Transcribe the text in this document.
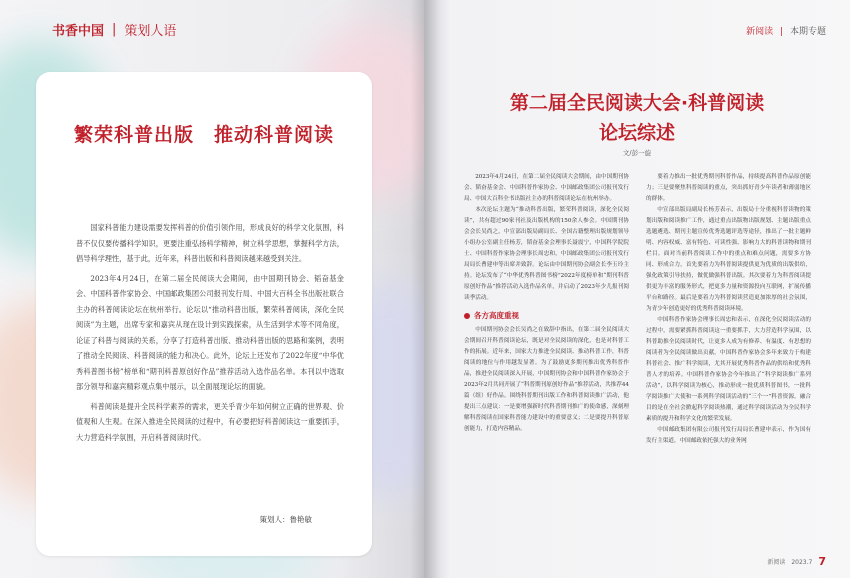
书香中国 | 策划人语
繁荣科普出版　推动科普阅读

国家科普能力建设需要发挥科普的价值引领作用，形成良好的科学文化氛围，科普不仅仅要传播科学知识，更要注重弘扬科学精神，树立科学思想，掌握科学方法，倡导科学理性，基于此，近年来，科普出版和科普阅读越来越受到关注。

2023年4月24日，在第二届全民阅读大会期间，由中国期刊协会、韬奋基金会、中国科普作家协会、中国邮政集团公司报刊发行局、中国大百科全书出版社联合主办的科普阅读论坛在杭州举行。论坛以“推动科普出版，繁荣科普阅读，深化全民阅读”为主题，出席专家和嘉宾从现在设计到实践探索，从生活到学术等不同角度，论证了科普与阅读的关系，分享了打造科普出版、推动科普出版的思路和案例，表明了推动全民阅读、科普阅读的能力和决心。此外，论坛上还发布了2022年度“中华优秀科普图书榜”榜单和“期刊科普原创好作品”推荐活动入选作品名单。本刊以中选取部分领导和嘉宾精彩观点集中展示，以全面展现论坛的面貌。

科普阅读是提升全民科学素养的需求，更关乎青少年如何树立正确的世界观、价值观和人生观。在深入推进全民阅读的过程中，有必要把好科普阅读这一重要抓手，大力营造科学氛围，开启科普阅读时代。

策划人：鲁艳敏
新阅读 | 本期专题
第二届全民阅读大会·科普阅读
论坛综述
文/彭一旋

2023年4月24日，在第二届全民阅读大会期间，由中国期刊协会、韬奋基金会、中国科普作家协会、中国邮政集团公司报刊发行局、中国大百科全书出版社主办的科普阅读论坛在杭州举办。

本次论坛主题为“推动科普出版，繁荣科普阅读，深化全民阅读”，共有超过90家刊社及出版机构的150余人参会。中国期刊协会会长吴尚之，中宣部出版局副局长、全国古籍整理出版规划领导小组办公室副主任杨芳，韬奋基金会理事长聂震宁，中国科学院院士、中国科普作家协会理事长周忠和，中国邮政集团公司报刊发行局局长曹建申等出席并致辞。论坛由中国期刊协会副会长李玉玲主持。论坛发布了“中华优秀科普图书榜”2022年度榜单和“期刊科普原创好作品”推荐活动入选作品名单，并启动了2023年少儿报刊阅读季活动。

各方高度重视

中国期刊协会会长吴尚之在致辞中指出，在第二届全民阅读大会期间召开科普阅读论坛，既是对全民阅读的深化，也是对科普工作的拓展。近年来，国家大力推进全民阅读、推动科普工作，科普阅读的地位与作用越发显著。为了鼓励更多期刊推出优秀科普作品，推进全民阅读深入开展，中国期刊协会和中国科普作家协会于2023年2月共同开展了“科普期刊原创好作品”推荐活动，共推荐44篇（组）好作品。围绕科普期刊出版工作和科普阅读推广活动，他提出三点建议：一是要增强新时代科普期刊推广的使命感，深刻理解科普阅读在国家科普能力建设中的重要意义；二是要提升科普原创能力，打造内容精品。

要着力推出一批优秀期刊科普作品，持续提高科普作品原创能力；三是要聚焦科普阅读的重点，突出抓好青少年读者和薄弱地区的群体。

中宣部出版局副局长杨芳表示，出版局十分重视科普读物的策划出版和阅读推广工作，通过重点出版物出版规划、主题出版重点选题遴选、期刊主题宣传优秀选题评选等途径，推出了一批主题鲜明、内容权威、富有特色、可读性强、影响力大的科普读物和期刊栏目。面对当前科普阅读工作中的重点和难点问题，需要多方协同、形成合力，首先要着力为科普阅读提供更为优质的出版供给，强化政策引导扶持，做优做强科普出版。其次要着力为科普阅读提供更为丰富的服务形式，把更多力量和资源投向互联网，扩展传播平台和路径。最后是要着力为科普阅读营造更加浓厚的社会氛围，为青少年创造更好的优秀科普阅读环境。

中国科普作家协会理事长周忠和表示，在深化全民阅读活动的过程中，需要紧抓科普阅读这一重要抓手，大力营造科学氛围，以科普助推全民阅读时代，让更多人成为有修养、有温度、有思想的阅读者为全民阅读做出贡献。中国科普作家协会多年来致力于构建科普社会、推广科学阅读，尤其开展优秀科普作品的供给和优秀科普人才的培养。中国科普作家协会今年推出了“科学阅读推广系列活动”，以科学阅读为核心，推动形成一批优质科普图书，一批科学阅读推广大使和一系列科学阅读活动的“三个一”科普资源。融合目的是在全社会掀起科学阅读热潮，通过科学阅读活动为全民科学素质的提升和科学文化的繁荣发展。

中国邮政集团有限公司报刊发行局局长曹建申表示，作为国有发行主渠道，中国邮政依托强大的业务网

新阅读　2023.7 7
